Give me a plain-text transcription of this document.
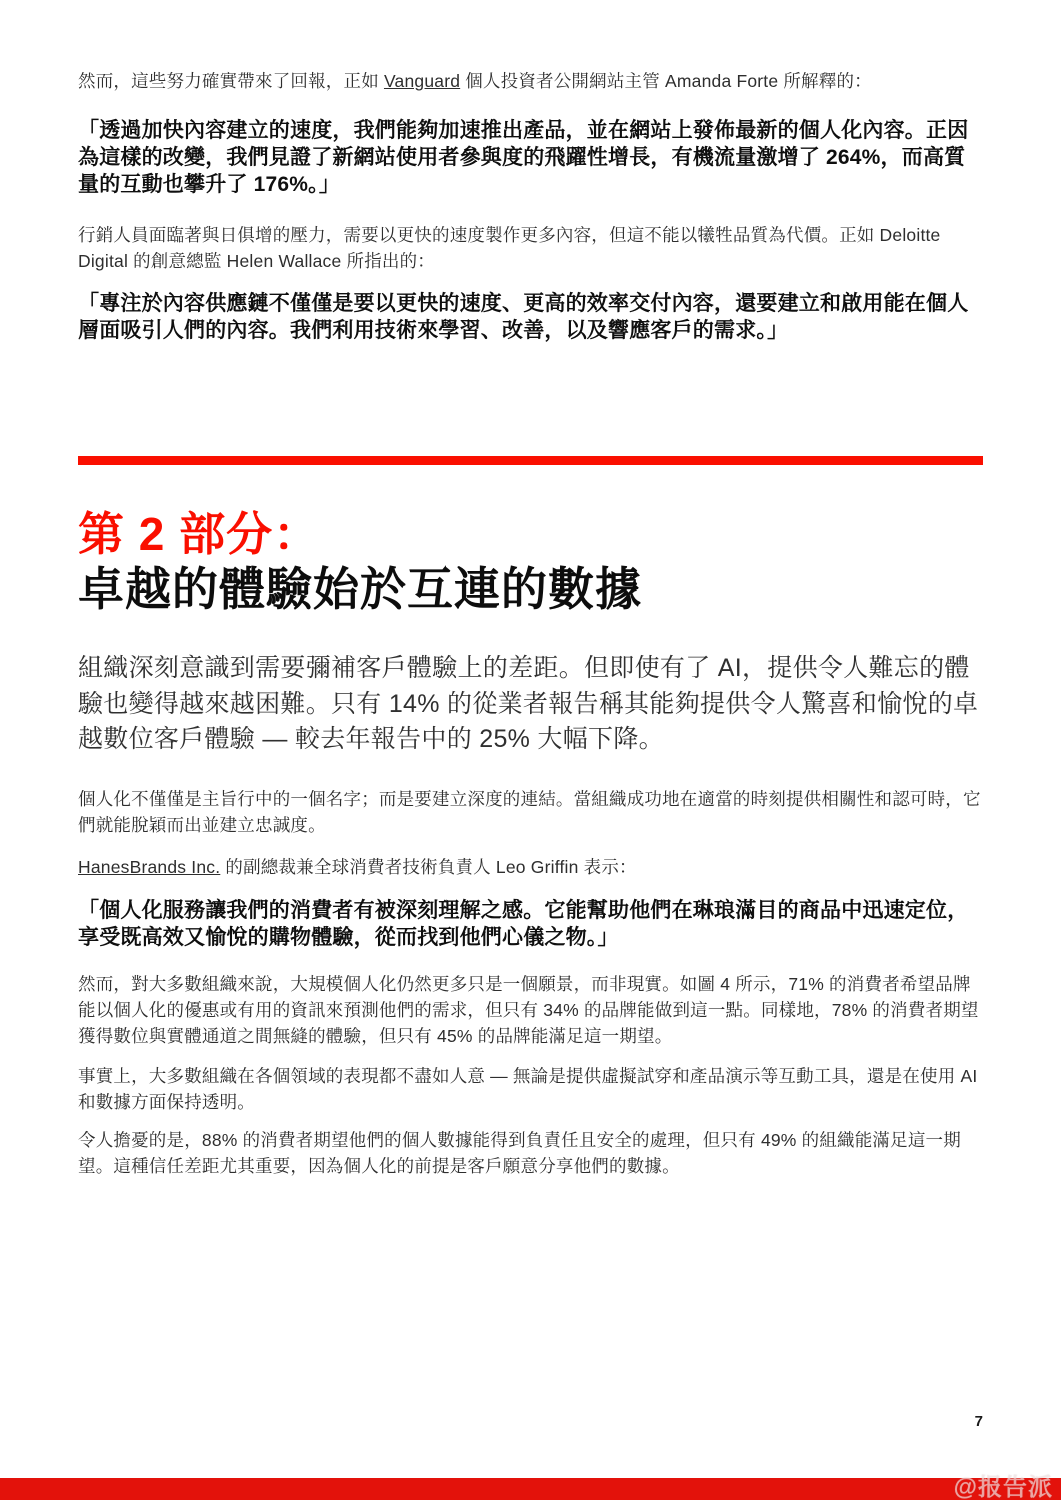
然而，這些努力確實帶來了回報，正如 Vanguard 個人投資者公開網站主管 Amanda Forte 所解釋的：

「透過加快內容建立的速度，我們能夠加速推出產品，並在網站上發佈最新的個人化內容。正因為這樣的改變，我們見證了新網站使用者參與度的飛躍性增長，有機流量激增了 264%，而高質量的互動也攀升了 176%。」

行銷人員面臨著與日俱增的壓力，需要以更快的速度製作更多內容，但這不能以犧牲品質為代價。正如 Deloitte Digital 的創意總監 Helen Wallace 所指出的：

「專注於內容供應鏈不僅僅是要以更快的速度、更高的效率交付內容，還要建立和啟用能在個人層面吸引人們的內容。我們利用技術來學習、改善，以及響應客戶的需求。」

第 2 部分：
卓越的體驗始於互連的數據

組織深刻意識到需要彌補客戶體驗上的差距。但即使有了 AI，提供令人難忘的體驗也變得越來越困難。只有 14% 的從業者報告稱其能夠提供令人驚喜和愉悅的卓越數位客戶體驗 — 較去年報告中的 25% 大幅下降。

個人化不僅僅是主旨行中的一個名字；而是要建立深度的連結。當組織成功地在適當的時刻提供相關性和認可時，它們就能脫穎而出並建立忠誠度。

HanesBrands Inc. 的副總裁兼全球消費者技術負責人 Leo Griffin 表示：

「個人化服務讓我們的消費者有被深刻理解之感。它能幫助他們在琳琅滿目的商品中迅速定位，享受既高效又愉悅的購物體驗，從而找到他們心儀之物。」

然而，對大多數組織來說，大規模個人化仍然更多只是一個願景，而非現實。如圖 4 所示，71% 的消費者希望品牌能以個人化的優惠或有用的資訊來預測他們的需求，但只有 34% 的品牌能做到這一點。同樣地，78% 的消費者期望獲得數位與實體通道之間無縫的體驗，但只有 45% 的品牌能滿足這一期望。

事實上，大多數組織在各個領域的表現都不盡如人意 — 無論是提供虛擬試穿和產品演示等互動工具，還是在使用 AI 和數據方面保持透明。

令人擔憂的是，88% 的消費者期望他們的個人數據能得到負責任且安全的處理，但只有 49% 的組織能滿足這一期望。這種信任差距尤其重要，因為個人化的前提是客戶願意分享他們的數據。

7
@报告派
